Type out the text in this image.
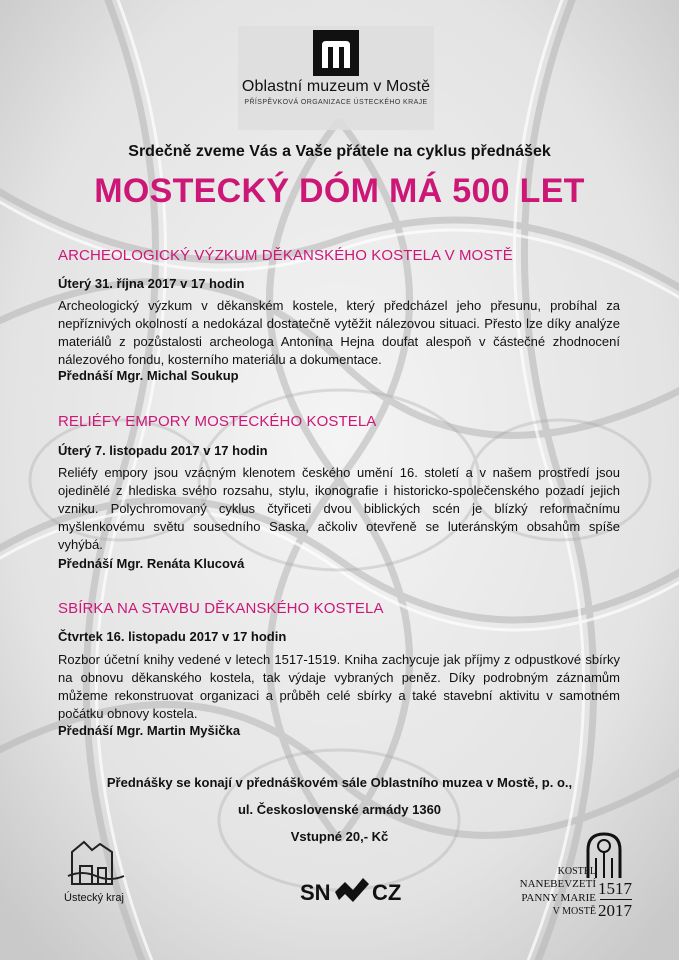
Oblastní muzeum v Mostě
PŘÍSPĚVKOVÁ ORGANIZACE ÚSTECKÉHO KRAJE
Srdečně zveme Vás a Vaše přátele na cyklus přednášek
MOSTECKÝ DÓM MÁ 500 LET
ARCHEOLOGICKÝ VÝZKUM DĚKANSKÉHO KOSTELA V MOSTĚ
Úterý 31. října 2017 v 17 hodin
Archeologický výzkum v děkanském kostele, který předcházel jeho přesunu, probíhal za nepříznivých okolností a nedokázal dostatečně vytěžit nálezovou situaci. Přesto lze díky analýze materiálů z pozůstalosti archeologa Antonína Hejna doufat alespoň v částečné zhodnocení nálezového fondu, kosterního materiálu a dokumentace.
Přednáší Mgr. Michal Soukup
RELIÉFY EMPORY MOSTECKÉHO KOSTELA
Úterý 7. listopadu 2017 v 17 hodin
Reliéfy empory jsou vzácným klenotem českého umění 16. století a v našem prostředí jsou ojedinělé z hlediska svého rozsahu, stylu, ikonografie i historicko-společenského pozadí jejich vzniku. Polychromovaný cyklus čtyřiceti dvou biblických scén je blízký reformačnímu myšlenkovému světu sousedního Saska, ačkoliv otevřeně se luteránským obsahům spíše vyhýbá.
Přednáší Mgr. Renáta Klucová
SBÍRKA NA STAVBU DĚKANSKÉHO KOSTELA
Čtvrtek 16. listopadu 2017 v 17 hodin
Rozbor účetní knihy vedené v letech 1517-1519. Kniha zachycuje jak příjmy z odpustkové sbírky na obnovu děkanského kostela, tak výdaje vybraných peněz. Díky podrobným záznamům můžeme rekonstruovat organizaci a průběh celé sbírky a také stavební aktivitu v samotném počátku obnovy kostela.
Přednáší Mgr. Martin Myšička
Přednášky se konají v přednáškovém sále Oblastního muzea v Mostě, p. o.,
ul. Československé armády 1360
Vstupné 20,- Kč
Ústecký kraj	SN CZ
KOSTEL
NANEBEVZETÍ
PANNY MARIE
V MOSTĚ
1517
2017
